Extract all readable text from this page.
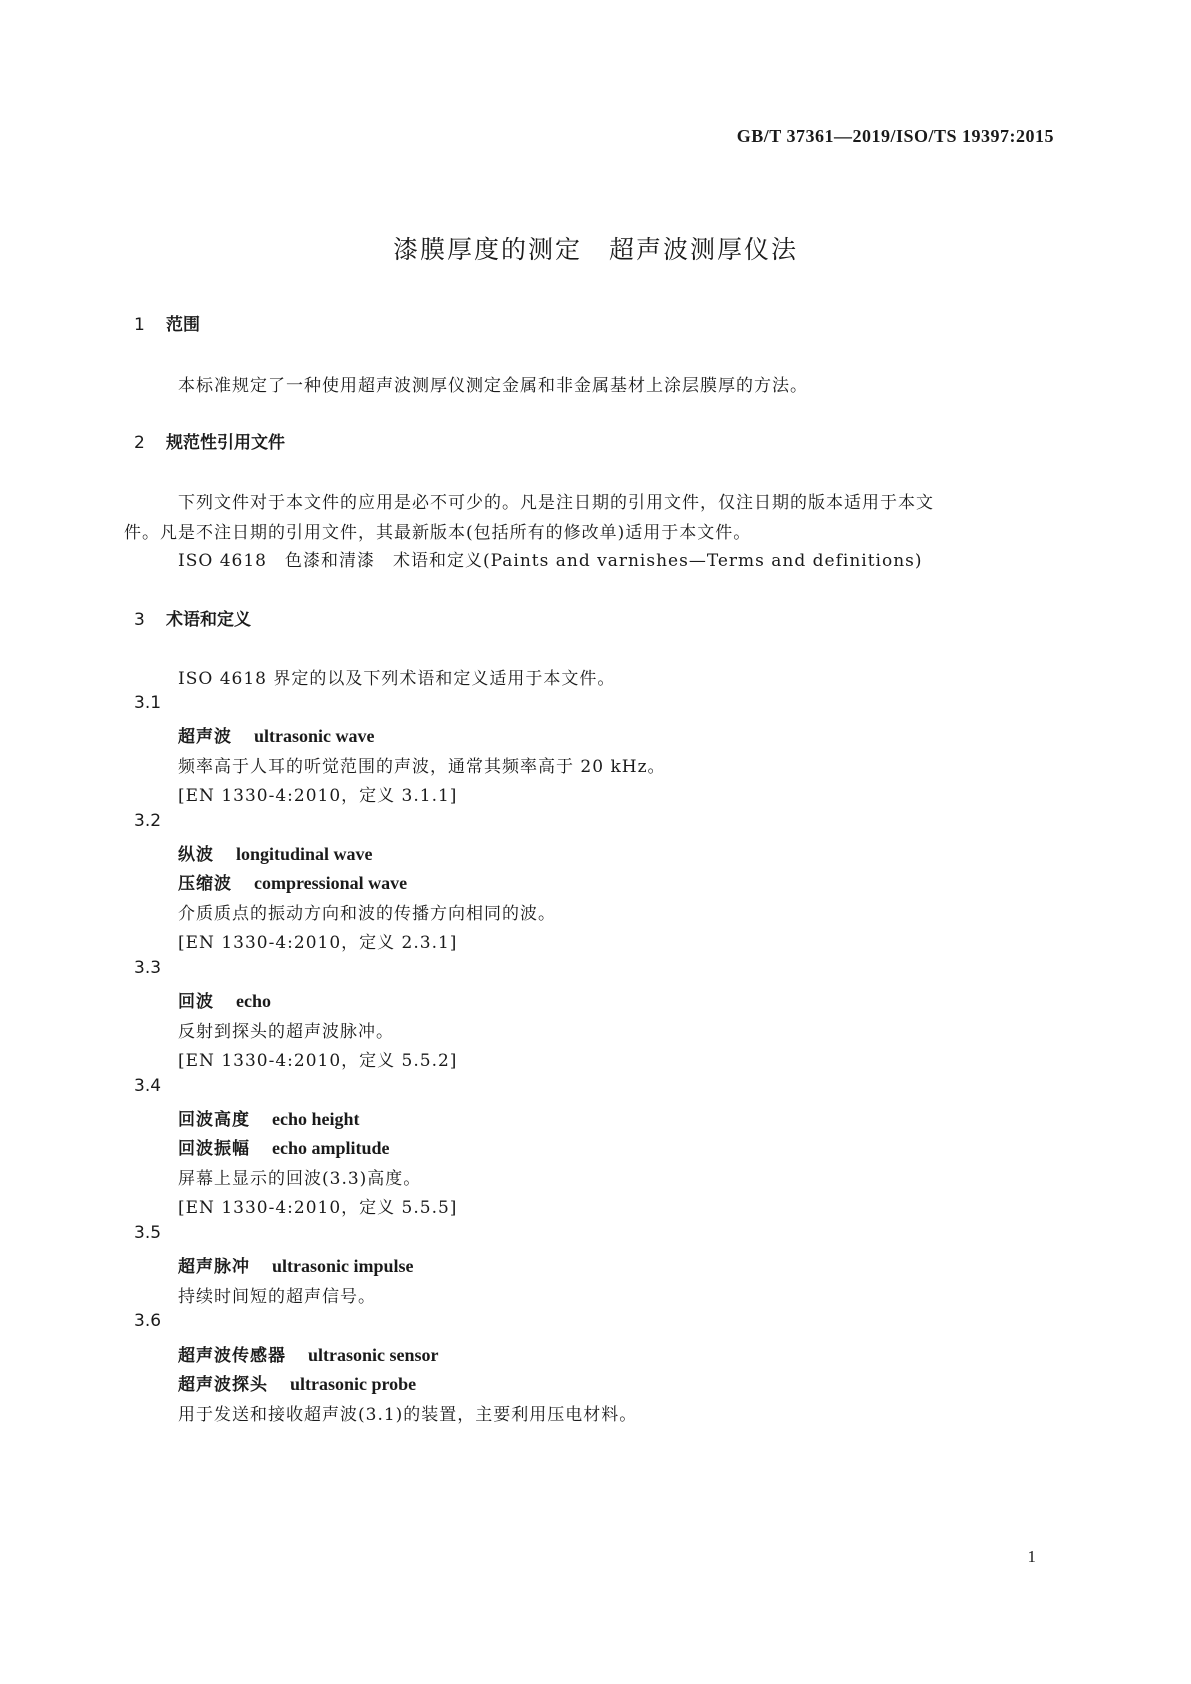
GB/T 37361—2019/ISO/TS 19397:2015
漆膜厚度的测定　超声波测厚仪法
1 范围
本标准规定了一种使用超声波测厚仪测定金属和非金属基材上涂层膜厚的方法。
2 规范性引用文件
下列文件对于本文件的应用是必不可少的。凡是注日期的引用文件，仅注日期的版本适用于本文
件。凡是不注日期的引用文件，其最新版本(包括所有的修改单)适用于本文件。
ISO 4618　色漆和清漆　术语和定义(Paints and varnishes—Terms and definitions)
3 术语和定义
ISO 4618 界定的以及下列术语和定义适用于本文件。
3.1
超声波 ultrasonic wave
频率高于人耳的听觉范围的声波，通常其频率高于 20 kHz。
[EN 1330-4:2010，定义 3.1.1]
3.2
纵波 longitudinal wave
压缩波 compressional wave
介质质点的振动方向和波的传播方向相同的波。
[EN 1330-4:2010，定义 2.3.1]
3.3
回波 echo
反射到探头的超声波脉冲。
[EN 1330-4:2010，定义 5.5.2]
3.4
回波高度 echo height
回波振幅 echo amplitude
屏幕上显示的回波(3.3)高度。
[EN 1330-4:2010，定义 5.5.5]
3.5
超声脉冲 ultrasonic impulse
持续时间短的超声信号。
3.6
超声波传感器 ultrasonic sensor
超声波探头 ultrasonic probe
用于发送和接收超声波(3.1)的装置，主要利用压电材料。
1
